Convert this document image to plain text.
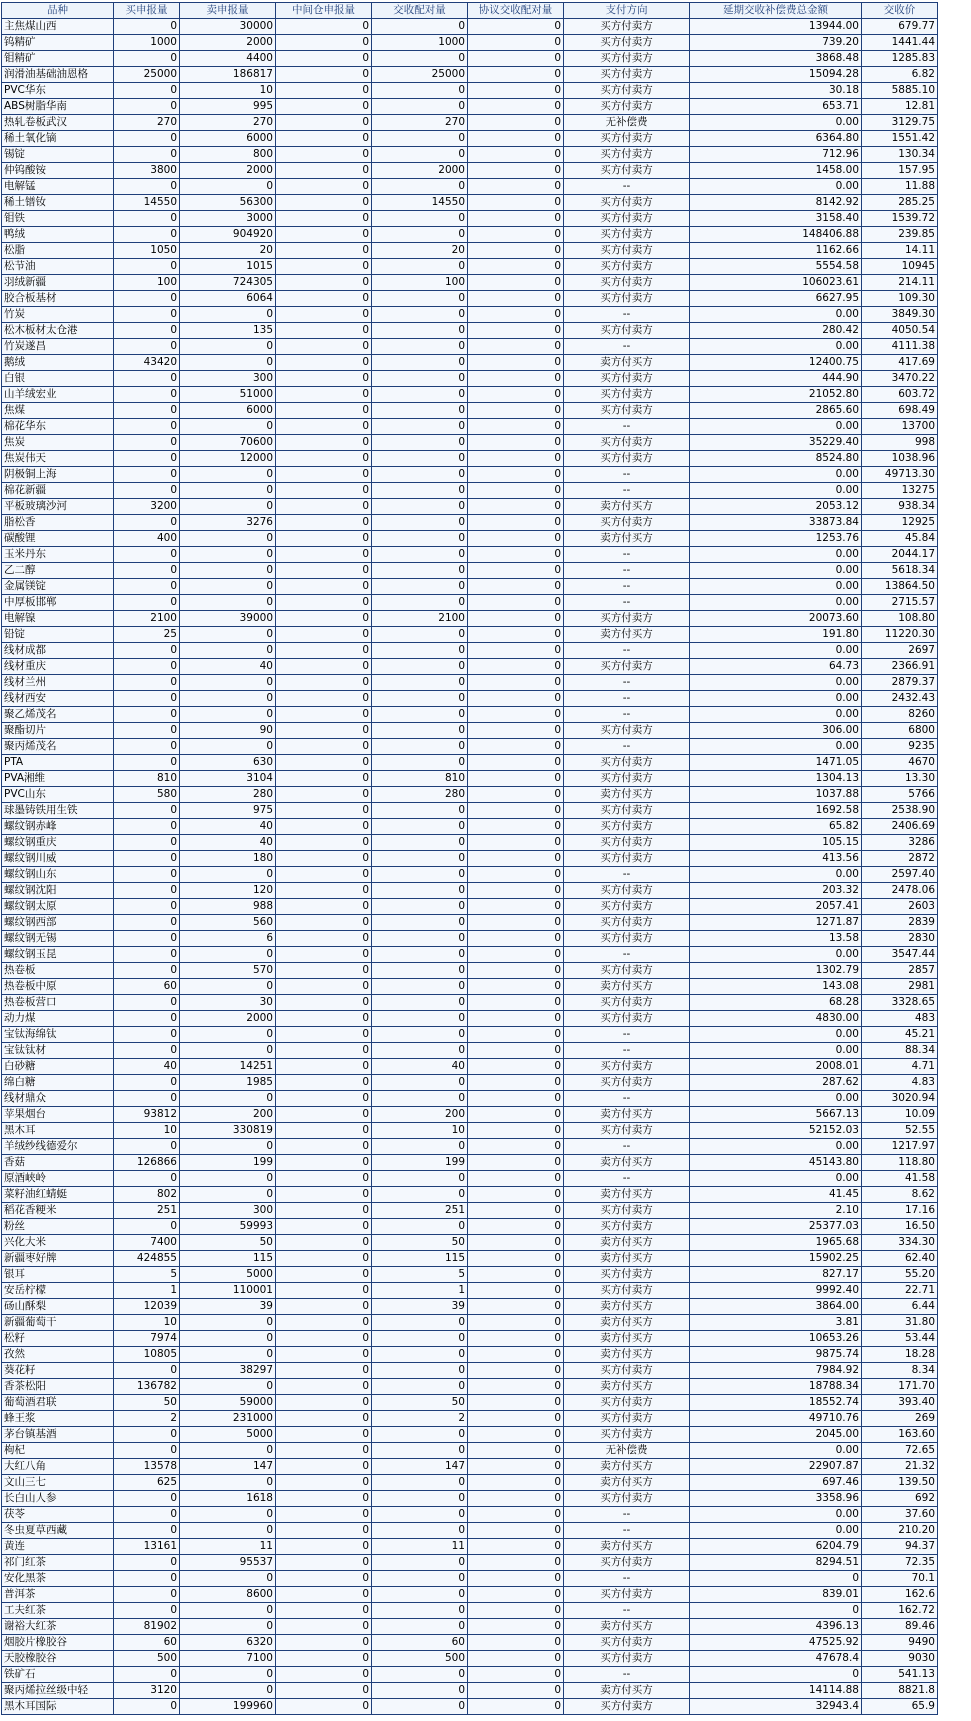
品种	买申报量	卖申报量	中间仓申报量	交收配对量	协议交收配对量	支付方向	延期交收补偿费总金额	交收价
主焦煤山西	0	30000	0	0	0	买方付卖方	13944.00	679.77
钨精矿	1000	2000	0	1000	0	买方付卖方	739.20	1441.44
钼精矿	0	4400	0	0	0	买方付卖方	3868.48	1285.83
润滑油基础油恩格	25000	186817	0	25000	0	买方付卖方	15094.28	6.82
PVC华东	0	10	0	0	0	买方付卖方	30.18	5885.10
ABS树脂华南	0	995	0	0	0	买方付卖方	653.71	12.81
热轧卷板武汉	270	270	0	270	0	无补偿费	0.00	3129.75
稀土氧化镝	0	6000	0	0	0	买方付卖方	6364.80	1551.42
锡锭	0	800	0	0	0	买方付卖方	712.96	130.34
仲钨酸铵	3800	2000	0	2000	0	买方付卖方	1458.00	157.95
电解锰	0	0	0	0	0	--	0.00	11.88
稀土镨钕	14550	56300	0	14550	0	买方付卖方	8142.92	285.25
钼铁	0	3000	0	0	0	买方付卖方	3158.40	1539.72
鸭绒	0	904920	0	0	0	买方付卖方	148406.88	239.85
松脂	1050	20	0	20	0	买方付卖方	1162.66	14.11
松节油	0	1015	0	0	0	买方付卖方	5554.58	10945
羽绒新疆	100	724305	0	100	0	买方付卖方	106023.61	214.11
胶合板基材	0	6064	0	0	0	买方付卖方	6627.95	109.30
竹炭	0	0	0	0	0	--	0.00	3849.30
松木板材太仓港	0	135	0	0	0	买方付卖方	280.42	4050.54
竹炭遂昌	0	0	0	0	0	--	0.00	4111.38
鹅绒	43420	0	0	0	0	卖方付买方	12400.75	417.69
白银	0	300	0	0	0	买方付卖方	444.90	3470.22
山羊绒宏业	0	51000	0	0	0	买方付卖方	21052.80	603.72
焦煤	0	6000	0	0	0	买方付卖方	2865.60	698.49
棉花华东	0	0	0	0	0	--	0.00	13700
焦炭	0	70600	0	0	0	买方付卖方	35229.40	998
焦炭伟天	0	12000	0	0	0	买方付卖方	8524.80	1038.96
阴极铜上海	0	0	0	0	0	--	0.00	49713.30
棉花新疆	0	0	0	0	0	--	0.00	13275
平板玻璃沙河	3200	0	0	0	0	卖方付买方	2053.12	938.34
脂松香	0	3276	0	0	0	买方付卖方	33873.84	12925
碳酸锂	400	0	0	0	0	卖方付买方	1253.76	45.84
玉米丹东	0	0	0	0	0	--	0.00	2044.17
乙二醇	0	0	0	0	0	--	0.00	5618.34
金属镁锭	0	0	0	0	0	--	0.00	13864.50
中厚板邯郸	0	0	0	0	0	--	0.00	2715.57
电解镍	2100	39000	0	2100	0	买方付卖方	20073.60	108.80
铅锭	25	0	0	0	0	卖方付买方	191.80	11220.30
线材成都	0	0	0	0	0	--	0.00	2697
线材重庆	0	40	0	0	0	买方付卖方	64.73	2366.91
线材兰州	0	0	0	0	0	--	0.00	2879.37
线材西安	0	0	0	0	0	--	0.00	2432.43
聚乙烯茂名	0	0	0	0	0	--	0.00	8260
聚酯切片	0	90	0	0	0	买方付卖方	306.00	6800
聚丙烯茂名	0	0	0	0	0	--	0.00	9235
PTA	0	630	0	0	0	买方付卖方	1471.05	4670
PVA湘维	810	3104	0	810	0	买方付卖方	1304.13	13.30
PVC山东	580	280	0	280	0	卖方付买方	1037.88	5766
球墨铸铁用生铁	0	975	0	0	0	买方付卖方	1692.58	2538.90
螺纹钢赤峰	0	40	0	0	0	买方付卖方	65.82	2406.69
螺纹钢重庆	0	40	0	0	0	买方付卖方	105.15	3286
螺纹钢川威	0	180	0	0	0	买方付卖方	413.56	2872
螺纹钢山东	0	0	0	0	0	--	0.00	2597.40
螺纹钢沈阳	0	120	0	0	0	买方付卖方	203.32	2478.06
螺纹钢太原	0	988	0	0	0	买方付卖方	2057.41	2603
螺纹钢西部	0	560	0	0	0	买方付卖方	1271.87	2839
螺纹钢无锡	0	6	0	0	0	买方付卖方	13.58	2830
螺纹钢玉昆	0	0	0	0	0	--	0.00	3547.44
热卷板	0	570	0	0	0	买方付卖方	1302.79	2857
热卷板中原	60	0	0	0	0	卖方付买方	143.08	2981
热卷板营口	0	30	0	0	0	买方付卖方	68.28	3328.65
动力煤	0	2000	0	0	0	买方付卖方	4830.00	483
宝钛海绵钛	0	0	0	0	0	--	0.00	45.21
宝钛钛材	0	0	0	0	0	--	0.00	88.34
白砂糖	40	14251	0	40	0	买方付卖方	2008.01	4.71
绵白糖	0	1985	0	0	0	买方付卖方	287.62	4.83
线材鼎众	0	0	0	0	0	--	0.00	3020.94
苹果烟台	93812	200	0	200	0	卖方付买方	5667.13	10.09
黑木耳	10	330819	0	10	0	买方付卖方	52152.03	52.55
羊绒纱线德爱尔	0	0	0	0	0	--	0.00	1217.97
香菇	126866	199	0	199	0	卖方付买方	45143.80	118.80
原酒峡岭	0	0	0	0	0	--	0.00	41.58
菜籽油红蜻蜓	802	0	0	0	0	卖方付买方	41.45	8.62
稻花香粳米	251	300	0	251	0	买方付卖方	2.10	17.16
粉丝	0	59993	0	0	0	买方付卖方	25377.03	16.50
兴化大米	7400	50	0	50	0	卖方付买方	1965.68	334.30
新疆枣好牌	424855	115	0	115	0	卖方付买方	15902.25	62.40
银耳	5	5000	0	5	0	买方付卖方	827.17	55.20
安岳柠檬	1	110001	0	1	0	买方付卖方	9992.40	22.71
砀山酥梨	12039	39	0	39	0	卖方付买方	3864.00	6.44
新疆葡萄干	10	0	0	0	0	卖方付买方	3.81	31.80
松籽	7974	0	0	0	0	卖方付买方	10653.26	53.44
孜然	10805	0	0	0	0	卖方付买方	9875.74	18.28
葵花籽	0	38297	0	0	0	买方付卖方	7984.92	8.34
香茶松阳	136782	0	0	0	0	卖方付买方	18788.34	171.70
葡萄酒君联	50	59000	0	50	0	买方付卖方	18552.74	393.40
蜂王浆	2	231000	0	2	0	买方付卖方	49710.76	269
茅台镇基酒	0	5000	0	0	0	买方付卖方	2045.00	163.60
枸杞	0	0	0	0	0	无补偿费	0.00	72.65
大红八角	13578	147	0	147	0	卖方付买方	22907.87	21.32
文山三七	625	0	0	0	0	卖方付买方	697.46	139.50
长白山人参	0	1618	0	0	0	买方付卖方	3358.96	692
茯苓	0	0	0	0	0	--	0.00	37.60
冬虫夏草西藏	0	0	0	0	0	--	0.00	210.20
黄连	13161	11	0	11	0	卖方付买方	6204.79	94.37
祁门红茶	0	95537	0	0	0	买方付卖方	8294.51	72.35
安化黑茶	0	0	0	0	0	--	0	70.1
普洱茶	0	8600	0	0	0	买方付卖方	839.01	162.6
工夫红茶	0	0	0	0	0	--	0	162.72
谢裕大红茶	81902	0	0	0	0	卖方付买方	4396.13	89.46
烟胶片橡胶谷	60	6320	0	60	0	买方付卖方	47525.92	9490
天胶橡胶谷	500	7100	0	500	0	买方付卖方	47678.4	9030
铁矿石	0	0	0	0	0	--	0	541.13
聚丙烯拉丝级中轻	3120	0	0	0	0	卖方付买方	14114.88	8821.8
黑木耳国际	0	199960	0	0	0	买方付卖方	32943.4	65.9
